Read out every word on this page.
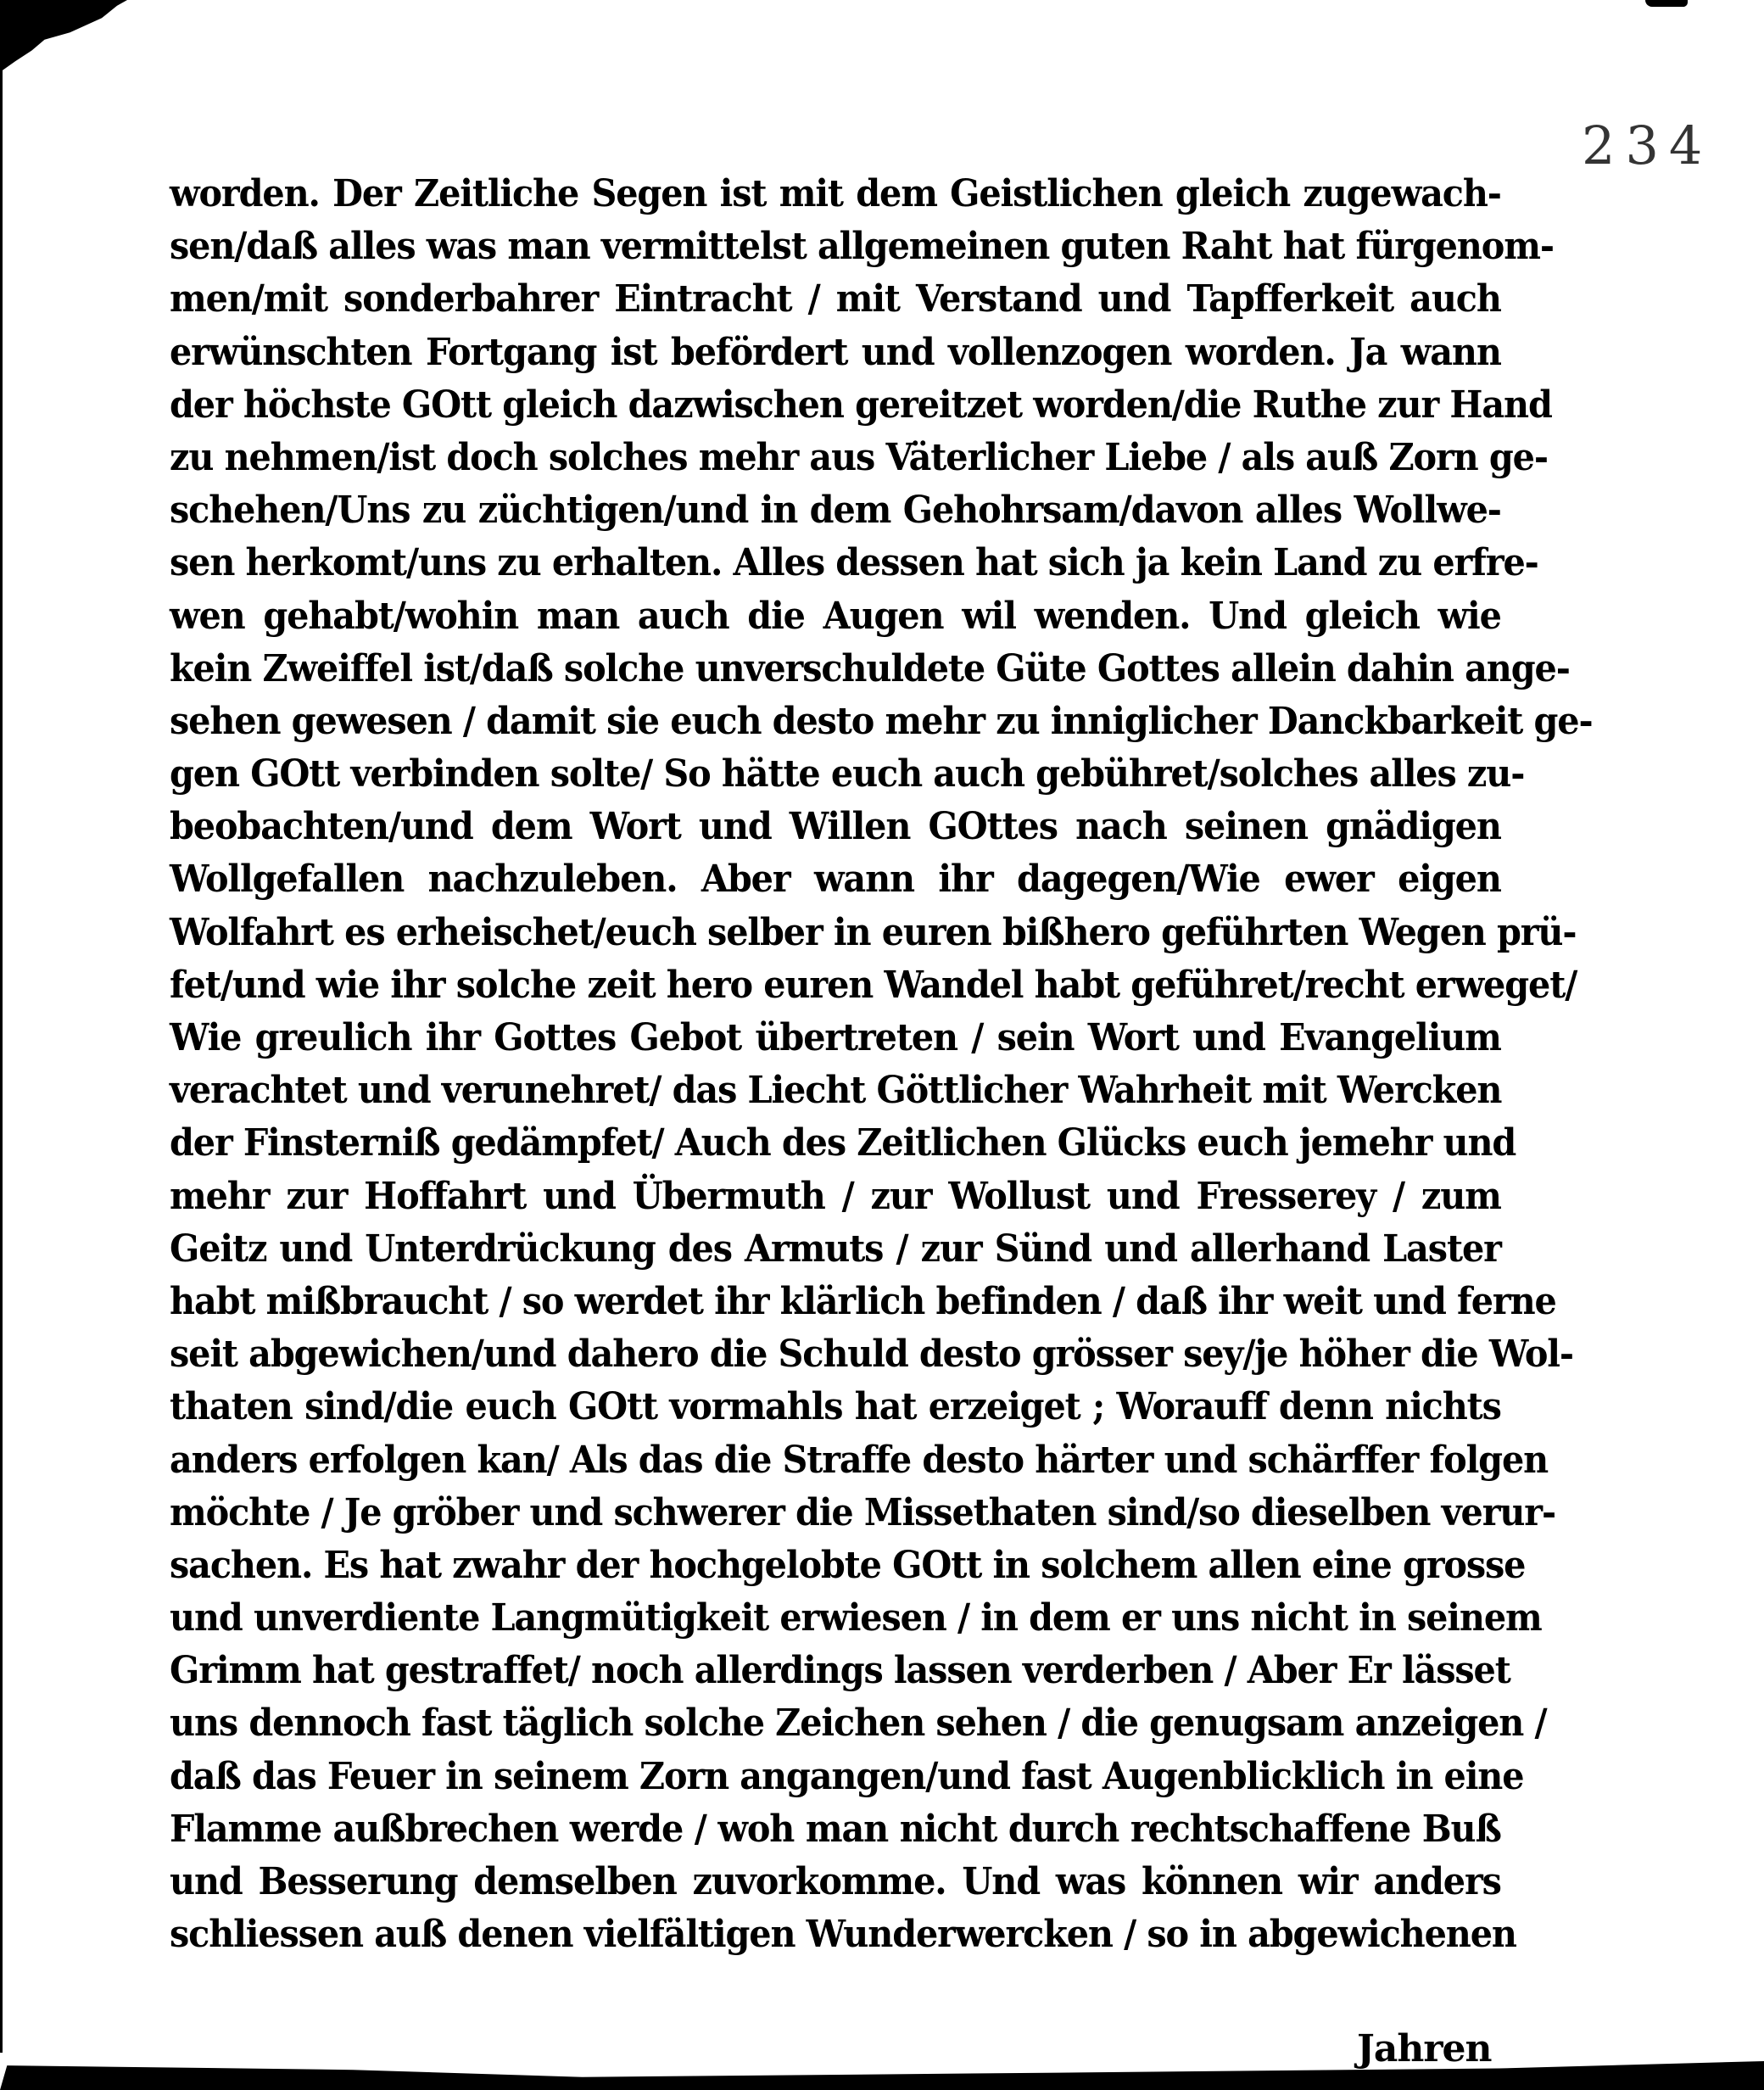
234
worden. Der Zeitliche Segen ist mit dem Geistlichen gleich zugewach-
sen/daß alles was man vermittelst allgemeinen guten Raht hat fürgenom-
men/mit sonderbahrer Eintracht / mit Verstand und Tapfferkeit auch
erwünschten Fortgang ist befördert und vollenzogen worden. Ja wann
der höchste GOtt gleich dazwischen gereitzet worden/die Ruthe zur Hand
zu nehmen/ist doch solches mehr aus Väterlicher Liebe / als auß Zorn ge-
schehen/Uns zu züchtigen/und in dem Gehohrsam/davon alles Wollwe-
sen herkomt/uns zu erhalten. Alles dessen hat sich ja kein Land zu erfre-
wen gehabt/wohin man auch die Augen wil wenden. Und gleich wie
kein Zweiffel ist/daß solche unverschuldete Güte Gottes allein dahin ange-
sehen gewesen / damit sie euch desto mehr zu inniglicher Danckbarkeit ge-
gen GOtt verbinden solte/ So hätte euch auch gebühret/solches alles zu-
beobachten/und dem Wort und Willen GOttes nach seinen gnädigen
Wollgefallen nachzuleben. Aber wann ihr dagegen/Wie ewer eigen
Wolfahrt es erheischet/euch selber in euren bißhero geführten Wegen prü-
fet/und wie ihr solche zeit hero euren Wandel habt geführet/recht erweget/
Wie greulich ihr Gottes Gebot übertreten / sein Wort und Evangelium
verachtet und verunehret/ das Liecht Göttlicher Wahrheit mit Wercken
der Finsterniß gedämpfet/ Auch des Zeitlichen Glücks euch jemehr und
mehr zur Hoffahrt und Übermuth / zur Wollust und Fresserey / zum
Geitz und Unterdrückung des Armuts / zur Sünd und allerhand Laster
habt mißbraucht / so werdet ihr klärlich befinden / daß ihr weit und ferne
seit abgewichen/und dahero die Schuld desto grösser sey/je höher die Wol-
thaten sind/die euch GOtt vormahls hat erzeiget ; Worauff denn nichts
anders erfolgen kan/ Als das die Straffe desto härter und schärffer folgen
möchte / Je gröber und schwerer die Missethaten sind/so dieselben verur-
sachen. Es hat zwahr der hochgelobte GOtt in solchem allen eine grosse
und unverdiente Langmütigkeit erwiesen / in dem er uns nicht in seinem
Grimm hat gestraffet/ noch allerdings lassen verderben / Aber Er lässet
uns dennoch fast täglich solche Zeichen sehen / die genugsam anzeigen /
daß das Feuer in seinem Zorn angangen/und fast Augenblicklich in eine
Flamme außbrechen werde / woh man nicht durch rechtschaffene Buß
und Besserung demselben zuvorkomme. Und was können wir anders
schliessen auß denen vielfältigen Wunderwercken / so in abgewichenen
Jahren
